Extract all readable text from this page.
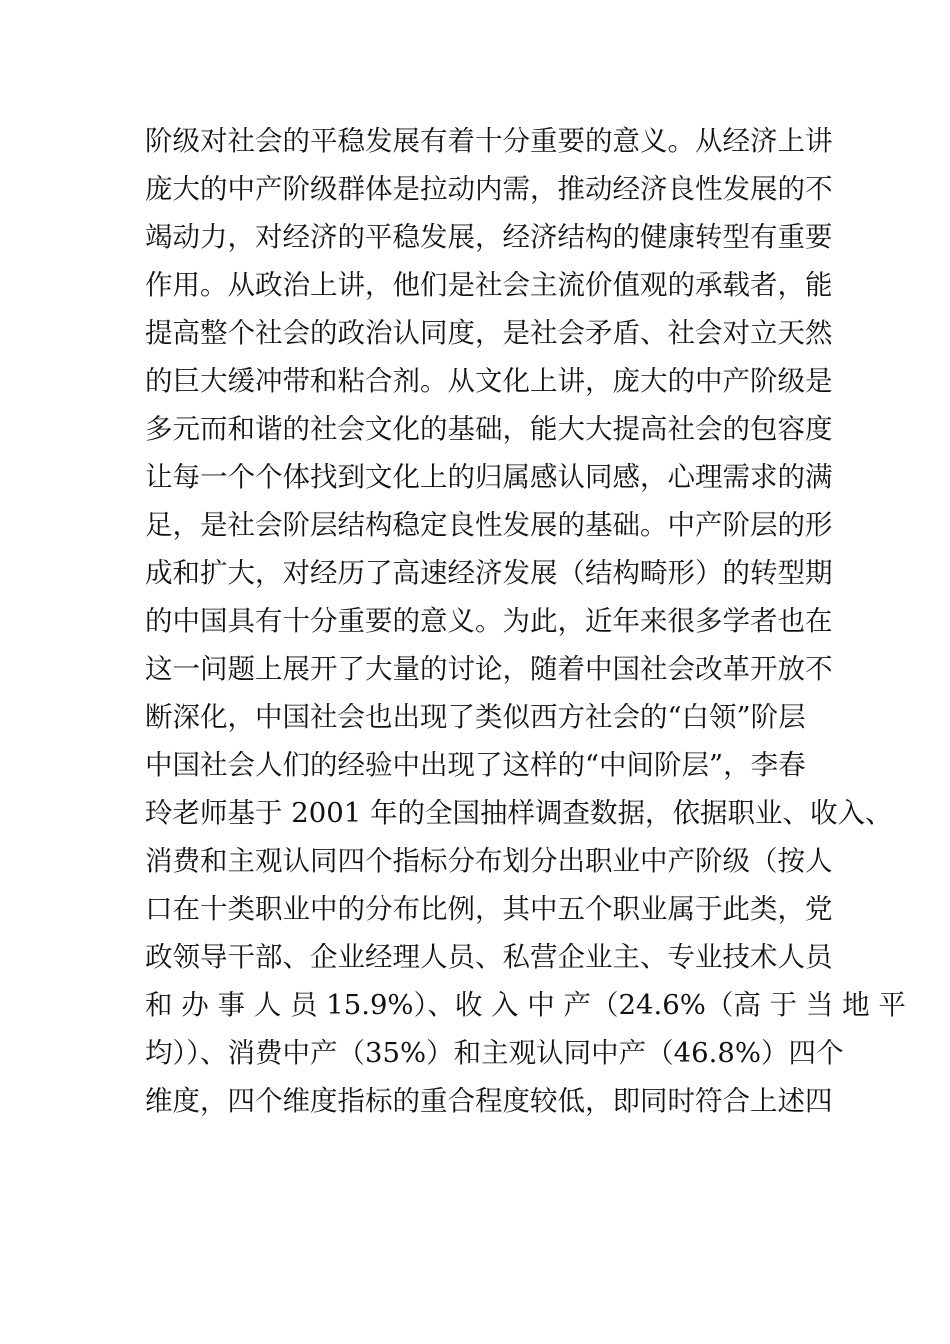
阶级对社会的平稳发展有着十分重要的意义。从经济上讲
庞大的中产阶级群体是拉动内需，推动经济良性发展的不
竭动力，对经济的平稳发展，经济结构的健康转型有重要
作用。从政治上讲，他们是社会主流价值观的承载者，能
提高整个社会的政治认同度，是社会矛盾、社会对立天然
的巨大缓冲带和粘合剂。从文化上讲，庞大的中产阶级是
多元而和谐的社会文化的基础，能大大提高社会的包容度
让每一个个体找到文化上的归属感认同感，心理需求的满
足，是社会阶层结构稳定良性发展的基础。中产阶层的形
成和扩大，对经历了高速经济发展（结构畸形）的转型期
的中国具有十分重要的意义。为此，近年来很多学者也在
这一问题上展开了大量的讨论，随着中国社会改革开放不
断深化，中国社会也出现了类似西方社会的“白领”阶层
中国社会人们的经验中出现了这样的“中间阶层”，李春
玲老师基于 2001 年的全国抽样调查数据，依据职业、收入、
消费和主观认同四个指标分布划分出职业中产阶级（按人
口在十类职业中的分布比例，其中五个职业属于此类，党
政领导干部、企业经理人员、私营企业主、专业技术人员
和 办 事 人 员 15.9%）、收 入 中 产（24.6%（高 于 当 地 平
均））、消费中产（35%）和主观认同中产（46.8%）四个
维度，四个维度指标的重合程度较低，即同时符合上述四
